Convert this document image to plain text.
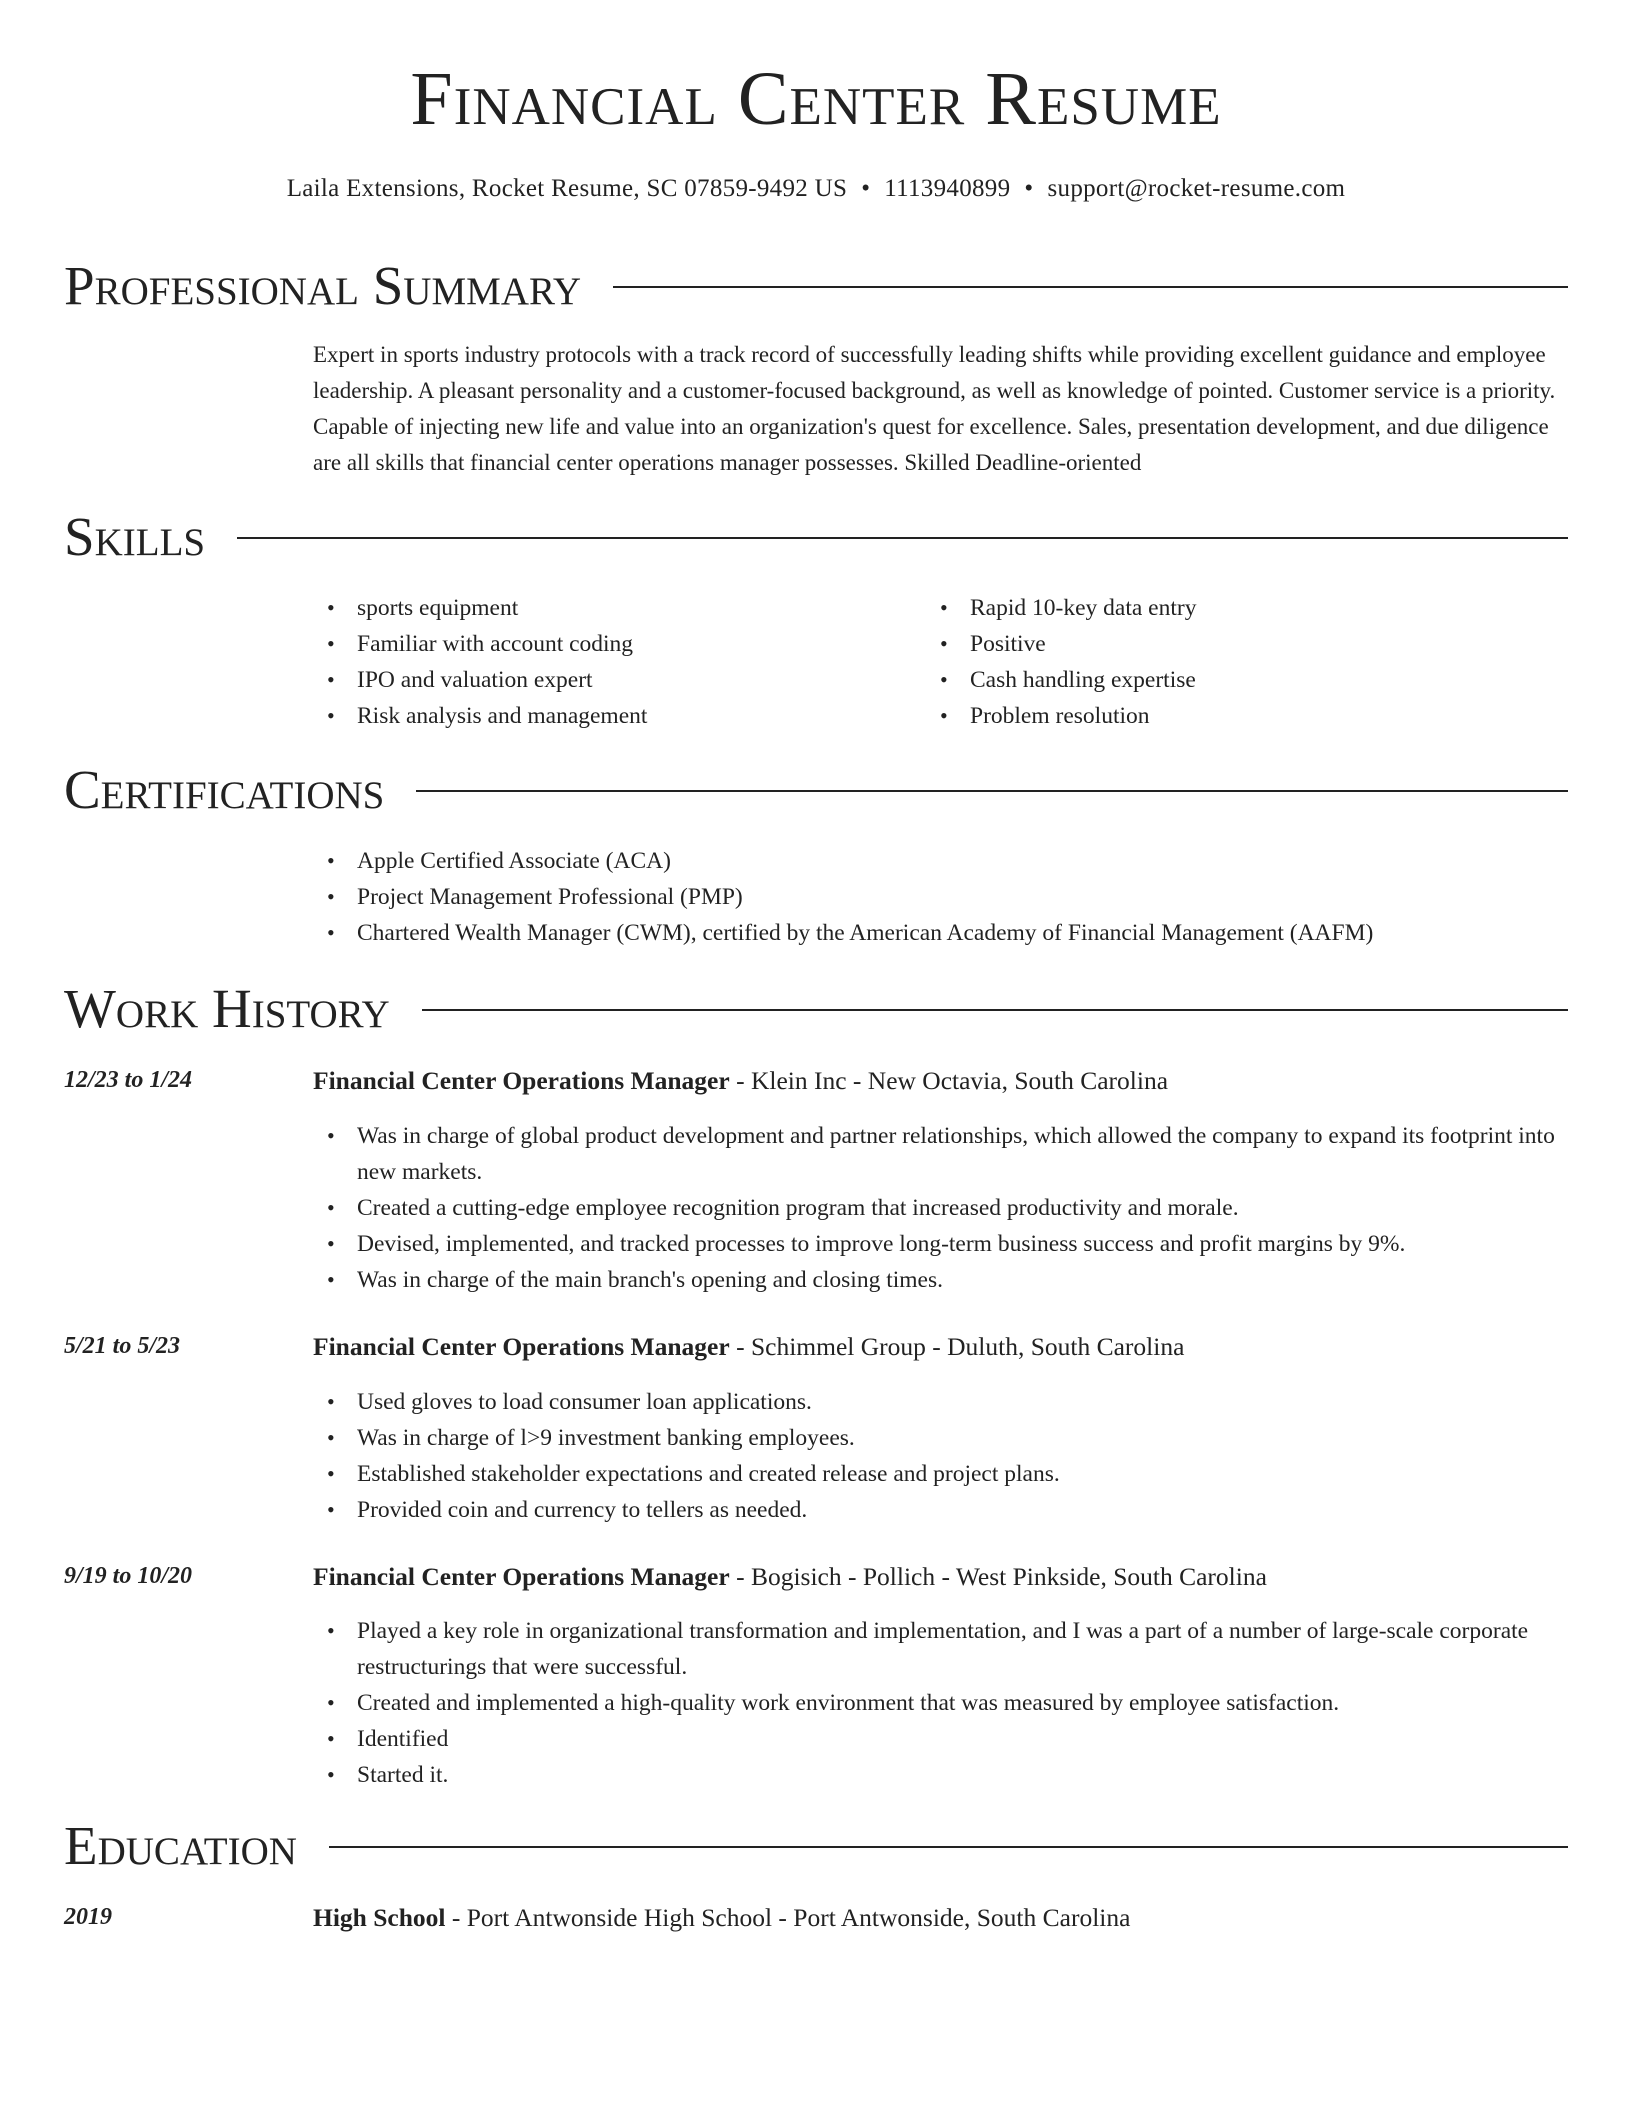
Financial Center Resume
Laila Extensions, Rocket Resume, SC 07859-9492 US • 1113940899 • support@rocket-resume.com
Professional Summary
Expert in sports industry protocols with a track record of successfully leading shifts while providing excellent guidance and employee leadership. A pleasant personality and a customer-focused background, as well as knowledge of pointed. Customer service is a priority. Capable of injecting new life and value into an organization's quest for excellence. Sales, presentation development, and due diligence are all skills that financial center operations manager possesses. Skilled Deadline-oriented
Skills
• sports equipment
• Familiar with account coding
• IPO and valuation expert
• Risk analysis and management
• Rapid 10-key data entry
• Positive
• Cash handling expertise
• Problem resolution
Certifications
• Apple Certified Associate (ACA)
• Project Management Professional (PMP)
• Chartered Wealth Manager (CWM), certified by the American Academy of Financial Management (AAFM)
Work History
12/23 to 1/24	Financial Center Operations Manager - Klein Inc - New Octavia, South Carolina
• Was in charge of global product development and partner relationships, which allowed the company to expand its footprint into new markets.
• Created a cutting-edge employee recognition program that increased productivity and morale.
• Devised, implemented, and tracked processes to improve long-term business success and profit margins by 9%.
• Was in charge of the main branch's opening and closing times.
5/21 to 5/23	Financial Center Operations Manager - Schimmel Group - Duluth, South Carolina
• Used gloves to load consumer loan applications.
• Was in charge of l>9 investment banking employees.
• Established stakeholder expectations and created release and project plans.
• Provided coin and currency to tellers as needed.
9/19 to 10/20	Financial Center Operations Manager - Bogisich - Pollich - West Pinkside, South Carolina
• Played a key role in organizational transformation and implementation, and I was a part of a number of large-scale corporate restructurings that were successful.
• Created and implemented a high-quality work environment that was measured by employee satisfaction.
• Identified
• Started it.
Education
2019	High School - Port Antwonside High School - Port Antwonside, South Carolina
